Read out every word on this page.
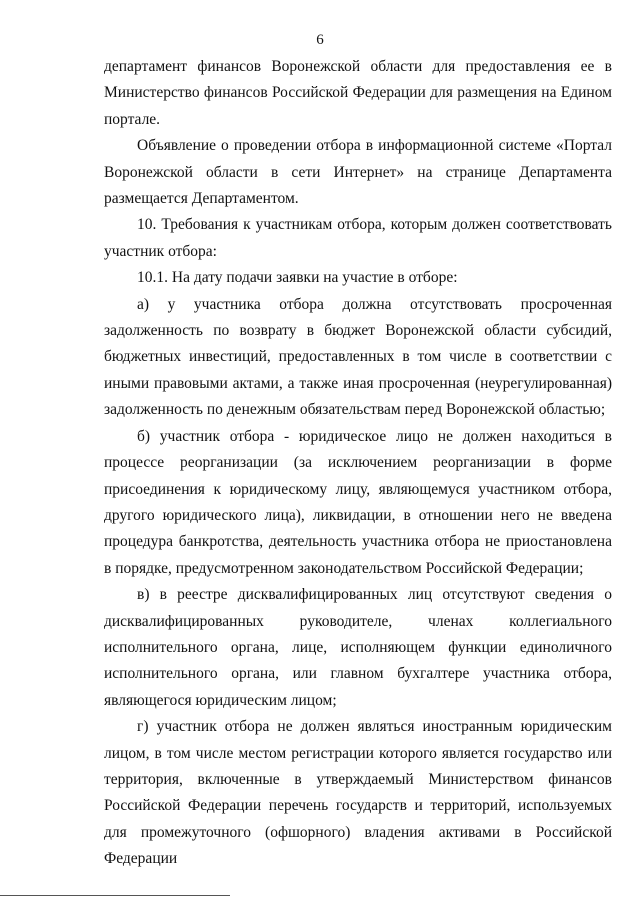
6

департамент финансов Воронежской области для предоставления ее в Министерство финансов Российской Федерации для размещения на Едином портале.

Объявление о проведении отбора в информационной системе «Портал Воронежской области в сети Интернет» на странице Департамента размещается Департаментом.

10. Требования к участникам отбора, которым должен соответствовать участник отбора:

10.1. На дату подачи заявки на участие в отборе:

а) у участника отбора должна отсутствовать просроченная задолженность по возврату в бюджет Воронежской области субсидий, бюджетных инвестиций, предоставленных в том числе в соответствии с иными правовыми актами, а также иная просроченная (неурегулированная) задолженность по денежным обязательствам перед Воронежской областью;

б) участник отбора - юридическое лицо не должен находиться в процессе реорганизации (за исключением реорганизации в форме присоединения к юридическому лицу, являющемуся участником отбора, другого юридического лица), ликвидации, в отношении него не введена процедура банкротства, деятельность участника отбора не приостановлена в порядке, предусмотренном законодательством Российской Федерации;

в) в реестре дисквалифицированных лиц отсутствуют сведения о дисквалифицированных руководителе, членах коллегиального исполнительного органа, лице, исполняющем функции единоличного исполнительного органа, или главном бухгалтере участника отбора, являющегося юридическим лицом;

г) участник отбора не должен являться иностранным юридическим лицом, в том числе местом регистрации которого является государство или территория, включенные в утверждаемый Министерством финансов Российской Федерации перечень государств и территорий, используемых для промежуточного (офшорного) владения активами в Российской Федерации
